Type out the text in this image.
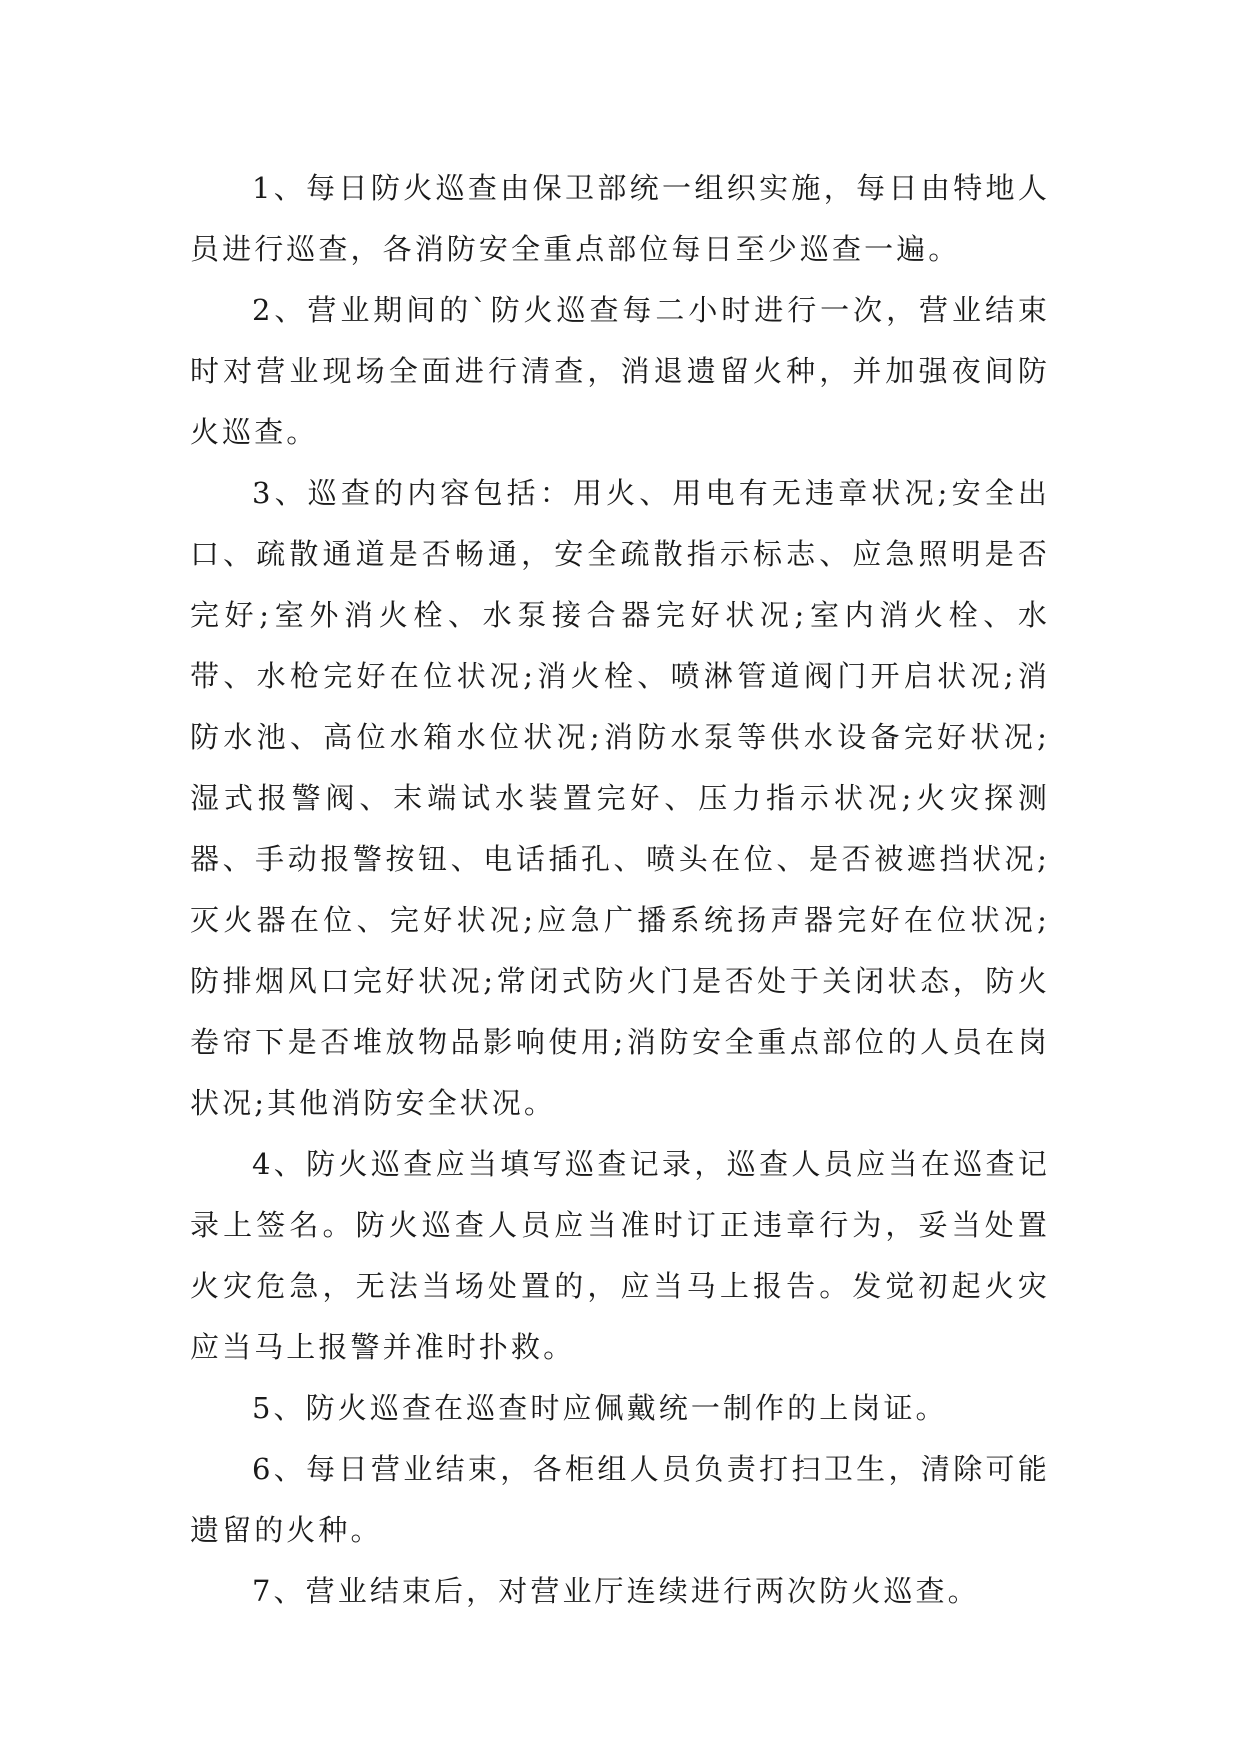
1、每日防火巡查由保卫部统一组织实施，每日由特地人员进行巡查，各消防安全重点部位每日至少巡查一遍。

2、营业期间的`防火巡查每二小时进行一次，营业结束时对营业现场全面进行清查，消退遗留火种，并加强夜间防火巡查。

3、巡查的内容包括：用火、用电有无违章状况;安全出口、疏散通道是否畅通，安全疏散指示标志、应急照明是否完好;室外消火栓、水泵接合器完好状况;室内消火栓、水带、水枪完好在位状况;消火栓、喷淋管道阀门开启状况;消防水池、高位水箱水位状况;消防水泵等供水设备完好状况;湿式报警阀、末端试水装置完好、压力指示状况;火灾探测器、手动报警按钮、电话插孔、喷头在位、是否被遮挡状况;灭火器在位、完好状况;应急广播系统扬声器完好在位状况;防排烟风口完好状况;常闭式防火门是否处于关闭状态，防火卷帘下是否堆放物品影响使用;消防安全重点部位的人员在岗状况;其他消防安全状况。

4、防火巡查应当填写巡查记录，巡查人员应当在巡查记录上签名。防火巡查人员应当准时订正违章行为，妥当处置火灾危急，无法当场处置的，应当马上报告。发觉初起火灾应当马上报警并准时扑救。

5、防火巡查在巡查时应佩戴统一制作的上岗证。

6、每日营业结束，各柜组人员负责打扫卫生，清除可能遗留的火种。

7、营业结束后，对营业厅连续进行两次防火巡查。
